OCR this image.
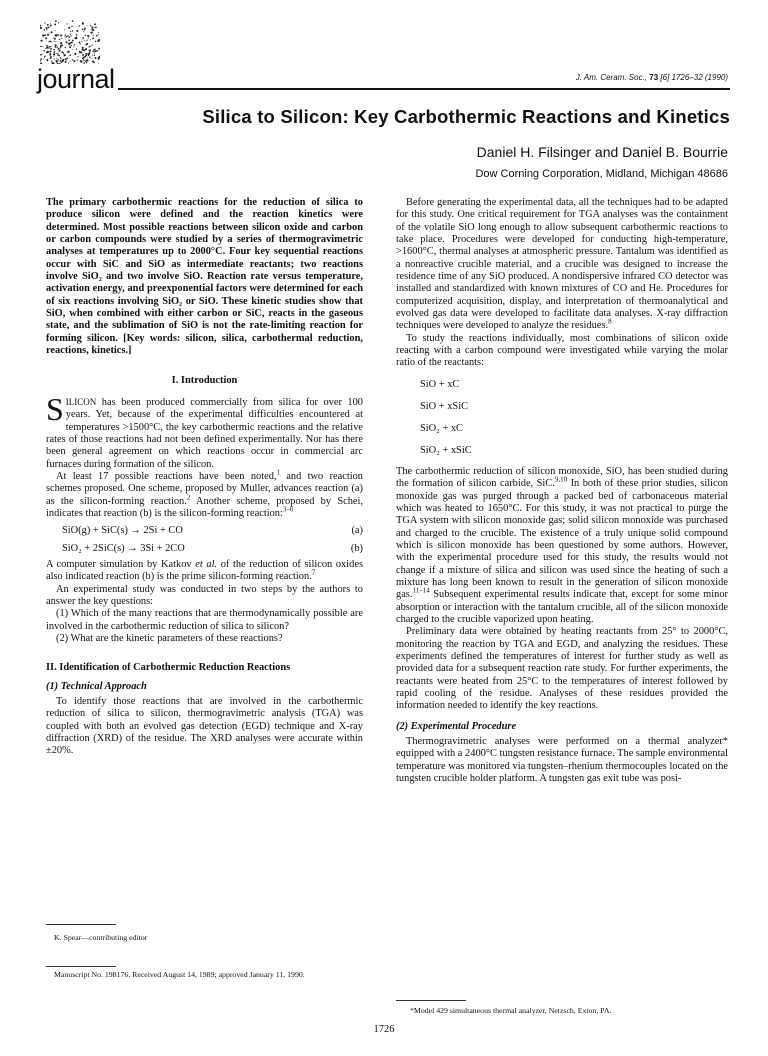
journal	J. Am. Ceram. Soc., 73 [6] 1726–32 (1990)
Silica to Silicon: Key Carbothermic Reactions and Kinetics
Daniel H. Filsinger and Daniel B. Bourrie
Dow Corning Corporation, Midland, Michigan 48686

The primary carbothermic reactions for the reduction of silica to produce silicon were defined and the reaction kinetics were determined. Most possible reactions between silicon oxide and carbon or carbon compounds were studied by a series of thermogravimetric analyses at temperatures up to 2000°C. Four key sequential reactions occur with SiC and SiO as intermediate reactants; two reactions involve SiO₂ and two involve SiO. Reaction rate versus temperature, activation energy, and preexponential factors were determined for each of six reactions involving SiO₂ or SiO. These kinetic studies show that SiO, when combined with either carbon or SiC, reacts in the gaseous state, and the sublimation of SiO is not the rate-limiting reaction for forming silicon. [Key words: silicon, silica, carbothermal reduction, reactions, kinetics.]

I. Introduction

SILICON has been produced commercially from silica for over 100 years. Yet, because of the experimental difficulties encountered at temperatures >1500°C, the key carbothermic reactions and the relative rates of those reactions had not been defined experimentally. Nor has there been general agreement on which reactions occur in commercial arc furnaces during formation of the silicon.

At least 17 possible reactions have been noted,$^1$ and two reaction schemes proposed. One scheme, proposed by Muller, advances reaction (a) as the silicon-forming reaction.$^2$ Another scheme, proposed by Schei, indicates that reaction (b) is the silicon-forming reaction:$^{3-6}$

SiO(g) + SiC(s) → 2Si + CO	(a)
SiO₂ + 2SiC(s) → 3Si + 2CO	(b)

A computer simulation by Katkov et al. of the reduction of silicon oxides also indicated reaction (b) is the prime silicon-forming reaction.$^7$

An experimental study was conducted in two steps by the authors to answer the key questions:

(1) Which of the many reactions that are thermodynamically possible are involved in the carbothermic reduction of silica to silicon?

(2) What are the kinetic parameters of these reactions?

II. Identification of Carbothermic Reduction Reactions
(1) Technical Approach

To identify those reactions that are involved in the carbothermic reduction of silica to silicon, thermogravimetric analysis (TGA) was coupled with both an evolved gas detection (EGD) technique and X-ray diffraction (XRD) of the residue. The XRD analyses were accurate within ±20%.

K. Spear—contributing editor
Manuscript No. 198176. Received August 14, 1989; approved January 11, 1990.

Before generating the experimental data, all the techniques had to be adapted for this study. One critical requirement for TGA analyses was the containment of the volatile SiO long enough to allow subsequent carbothermic reactions to take place. Procedures were developed for conducting high-temperature, >1600°C, thermal analyses at atmospheric pressure. Tantalum was identified as a nonreactive crucible material, and a crucible was designed to increase the residence time of any SiO produced. A nondispersive infrared CO detector was installed and standardized with known mixtures of CO and He. Procedures for computerized acquisition, display, and interpretation of thermoanalytical and evolved gas data were developed to facilitate data analyses. X-ray diffraction techniques were developed to analyze the residues.$^8$

To study the reactions individually, most combinations of silicon oxide reacting with a carbon compound were investigated while varying the molar ratio of the reactants:

SiO + xC
SiO + xSiC
SiO₂ + xC
SiO₂ + xSiC

The carbothermic reduction of silicon monoxide, SiO, has been studied during the formation of silicon carbide, SiC.$^{9,10}$ In both of these prior studies, silicon monoxide gas was purged through a packed bed of carbonaceous material which was heated to 1650°C. For this study, it was not practical to purge the TGA system with silicon monoxide gas; solid silicon monoxide was purchased and charged to the crucible. The existence of a truly unique solid compound which is silicon monoxide has been questioned by some authors. However, with the experimental procedure used for this study, the results would not change if a mixture of silica and silicon was used since the heating of such a mixture has long been known to result in the generation of silicon monoxide gas.$^{11-14}$ Subsequent experimental results indicate that, except for some minor absorption or interaction with the tantalum crucible, all of the silicon monoxide charged to the crucible vaporized upon heating.

Preliminary data were obtained by heating reactants from 25° to 2000°C, monitoring the reaction by TGA and EGD, and analyzing the residues. These experiments defined the temperatures of interest for further study as well as provided data for a subsequent reaction rate study. For further experiments, the reactants were heated from 25°C to the temperatures of interest followed by rapid cooling of the residue. Analyses of these residues provided the information needed to identify the key reactions.

(2) Experimental Procedure

Thermogravimetric analyses were performed on a thermal analyzer* equipped with a 2400°C tungsten resistance furnace. The sample environmental temperature was monitored via tungsten–rhenium thermocouples located on the tungsten crucible holder platform. A tungsten gas exit tube was posi-

*Model 429 simultaneous thermal analyzer, Netzsch, Exton, PA.
1726
